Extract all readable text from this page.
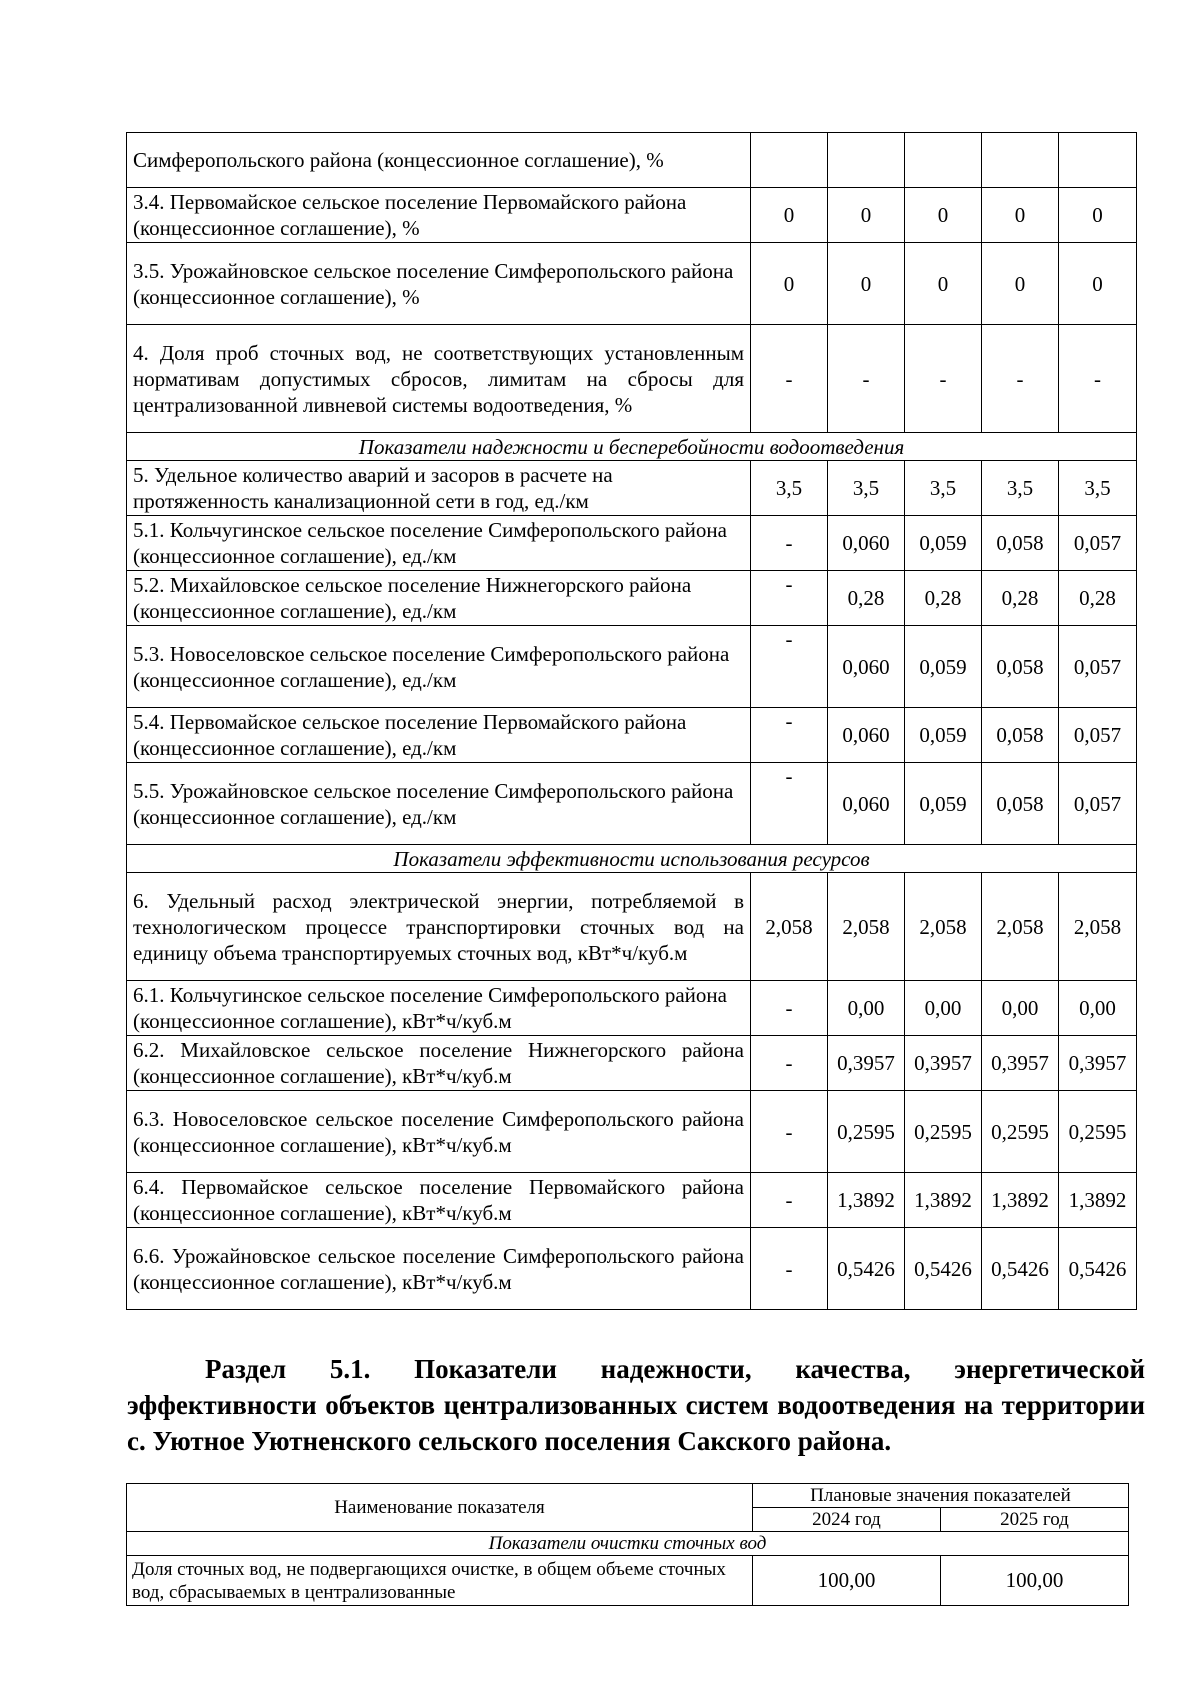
Симферопольского района (концессионное соглашение), %					
3.4. Первомайское сельское поселение Первомайского района (концессионное соглашение), %	0	0	0	0	0
3.5. Урожайновское сельское поселение Симферопольского района (концессионное соглашение), %	0	0	0	0	0
4. Доля проб сточных вод, не соответствующих установленным нормативам допустимых сбросов, лимитам на сбросы для централизованной ливневой системы водоотведения, %	-	-	-	-	-
Показатели надежности и бесперебойности водоотведения					
5. Удельное количество аварий и засоров в расчете на протяженность канализационной сети в год, ед./км	3,5	3,5	3,5	3,5	3,5
5.1. Кольчугинское сельское поселение Симферопольского района (концессионное соглашение), ед./км	-	0,060	0,059	0,058	0,057
5.2. Михайловское сельское поселение Нижнегорского района (концессионное соглашение), ед./км	-	0,28	0,28	0,28	0,28
5.3. Новоселовское сельское поселение Симферопольского района (концессионное соглашение), ед./км	-	0,060	0,059	0,058	0,057
5.4. Первомайское сельское поселение Первомайского района (концессионное соглашение), ед./км	-	0,060	0,059	0,058	0,057
5.5. Урожайновское сельское поселение Симферопольского района (концессионное соглашение), ед./км	-	0,060	0,059	0,058	0,057
Показатели эффективности использования ресурсов					
6. Удельный расход электрической энергии, потребляемой в технологическом процессе транспортировки сточных вод на единицу объема транспортируемых сточных вод, кВт*ч/куб.м	2,058	2,058	2,058	2,058	2,058
6.1. Кольчугинское сельское поселение Симферопольского района (концессионное соглашение), кВт*ч/куб.м	-	0,00	0,00	0,00	0,00
6.2. Михайловское сельское поселение Нижнегорского района (концессионное соглашение), кВт*ч/куб.м	-	0,3957	0,3957	0,3957	0,3957
6.3. Новоселовское сельское поселение Симферопольского района (концессионное соглашение), кВт*ч/куб.м	-	0,2595	0,2595	0,2595	0,2595
6.4. Первомайское сельское поселение Первомайского района (концессионное соглашение), кВт*ч/куб.м	-	1,3892	1,3892	1,3892	1,3892
6.6. Урожайновское сельское поселение Симферопольского района (концессионное соглашение), кВт*ч/куб.м	-	0,5426	0,5426	0,5426	0,5426
Раздел 5.1. Показатели надежности, качества, энергетической эффективности объектов централизованных систем водоотведения на территории с. Уютное Уютненского сельского поселения Сакского района.
Наименование показателя	Плановые значения показателей	
	2024 год	2025 год
Показатели очистки сточных вод		
Доля сточных вод, не подвергающихся очистке, в общем объеме сточных вод, сбрасываемых в централизованные	100,00	100,00
